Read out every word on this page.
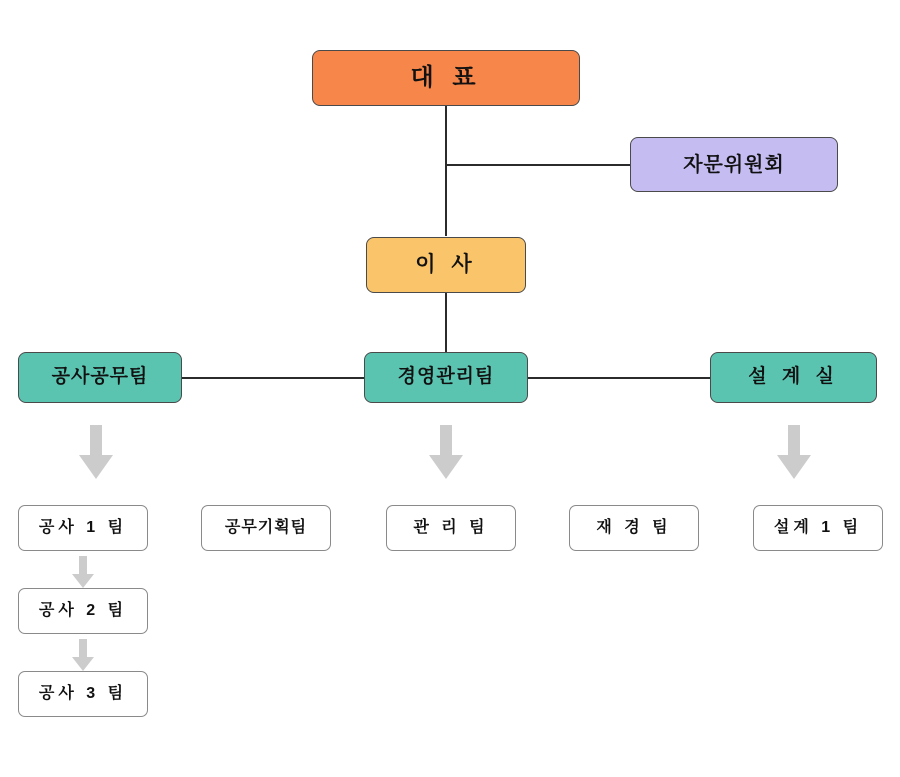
대 표
자문위원회
이 사
공사공무팀	경영관리팀	설 계 실
공사 1 팀	공무기획팀	관 리 팀	재 경 팀	설계 1 팀
공사 2 팀
공사 3 팀
